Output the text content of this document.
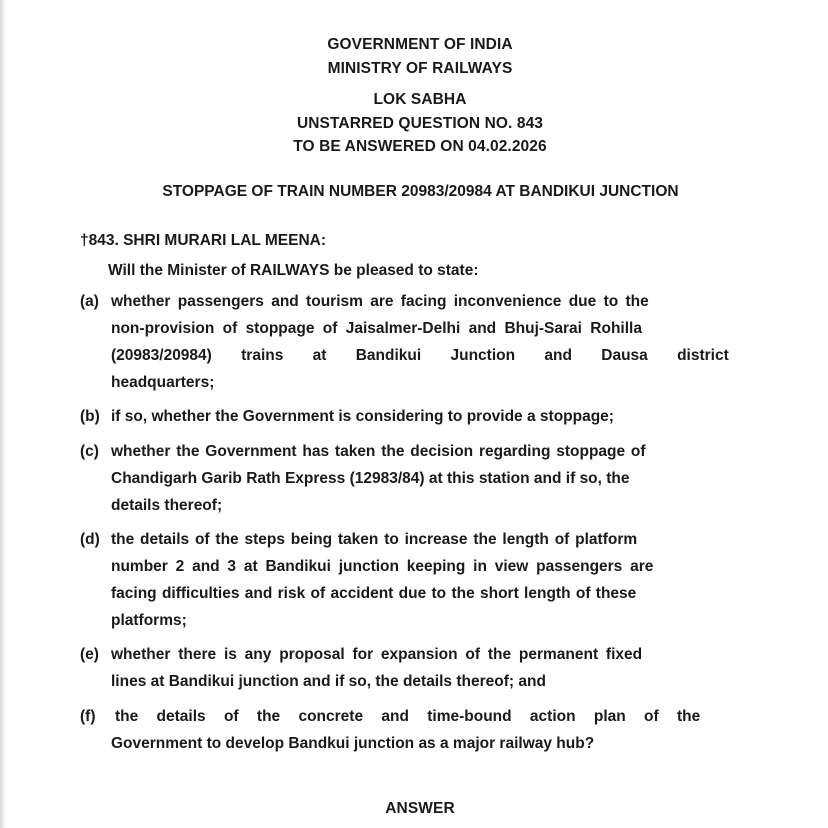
GOVERNMENT OF INDIA
MINISTRY OF RAILWAYS
LOK SABHA
UNSTARRED QUESTION NO. 843
TO BE ANSWERED ON 04.02.2026
STOPPAGE OF TRAIN NUMBER 20983/20984 AT BANDIKUI JUNCTION
†843. SHRI MURARI LAL MEENA:
Will the Minister of RAILWAYS be pleased to state:
(a) whether passengers and tourism are facing inconvenience due to the
non-provision of stoppage of Jaisalmer-Delhi and Bhuj-Sarai Rohilla
(20983/20984) trains at Bandikui Junction and Dausa district
headquarters;
(b) if so, whether the Government is considering to provide a stoppage;
(c) whether the Government has taken the decision regarding stoppage of
Chandigarh Garib Rath Express (12983/84) at this station and if so, the
details thereof;
(d) the details of the steps being taken to increase the length of platform
number 2 and 3 at Bandikui junction keeping in view passengers are
facing difficulties and risk of accident due to the short length of these
platforms;
(e) whether there is any proposal for expansion of the permanent fixed
lines at Bandikui junction and if so, the details thereof; and
(f) the details of the concrete and time-bound action plan of the
Government to develop Bandkui junction as a major railway hub?
ANSWER
